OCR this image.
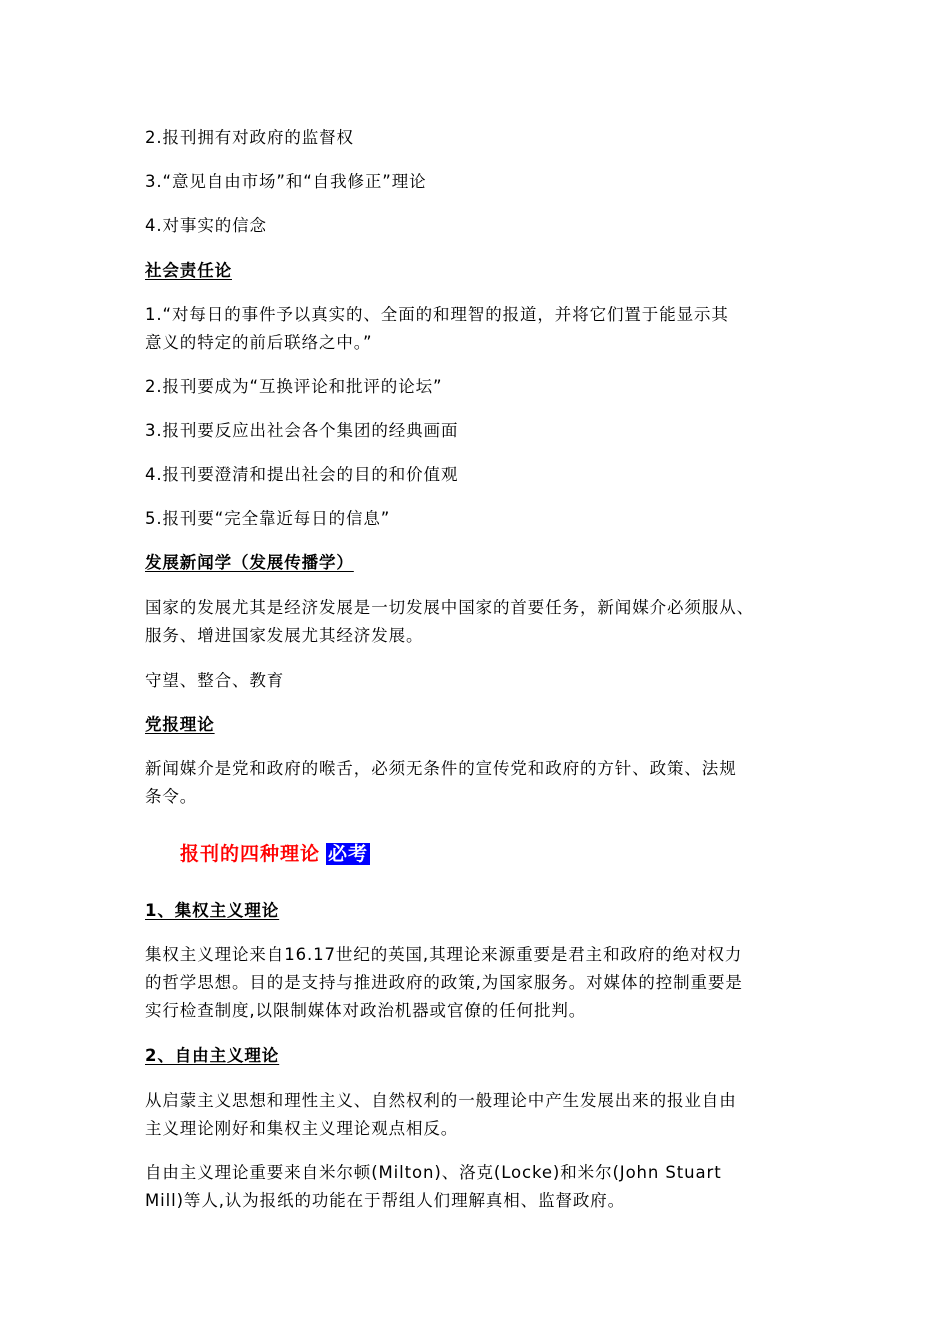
2.报刊拥有对政府的监督权
3.“意见自由市场”和“自我修正”理论
4.对事实的信念
社会责任论
1.“对每日的事件予以真实的、全面的和理智的报道，并将它们置于能显示其
意义的特定的前后联络之中。”
2.报刊要成为“互换评论和批评的论坛”
3.报刊要反应出社会各个集团的经典画面
4.报刊要澄清和提出社会的目的和价值观
5.报刊要“完全靠近每日的信息”
发展新闻学（发展传播学）
国家的发展尤其是经济发展是一切发展中国家的首要任务，新闻媒介必须服从、
服务、增进国家发展尤其经济发展。
守望、整合、教育
党报理论
新闻媒介是党和政府的喉舌，必须无条件的宣传党和政府的方针、政策、法规
条令。
报刊的四种理论 必考
1、集权主义理论
集权主义理论来自16.17世纪的英国,其理论来源重要是君主和政府的绝对权力
的哲学思想。目的是支持与推进政府的政策,为国家服务。对媒体的控制重要是
实行检查制度,以限制媒体对政治机器或官僚的任何批判。
2、自由主义理论
从启蒙主义思想和理性主义、自然权利的一般理论中产生发展出来的报业自由
主义理论刚好和集权主义理论观点相反。
自由主义理论重要来自米尔顿(Milton)、洛克(Locke)和米尔(John Stuart
Mill)等人,认为报纸的功能在于帮组人们理解真相、监督政府。
